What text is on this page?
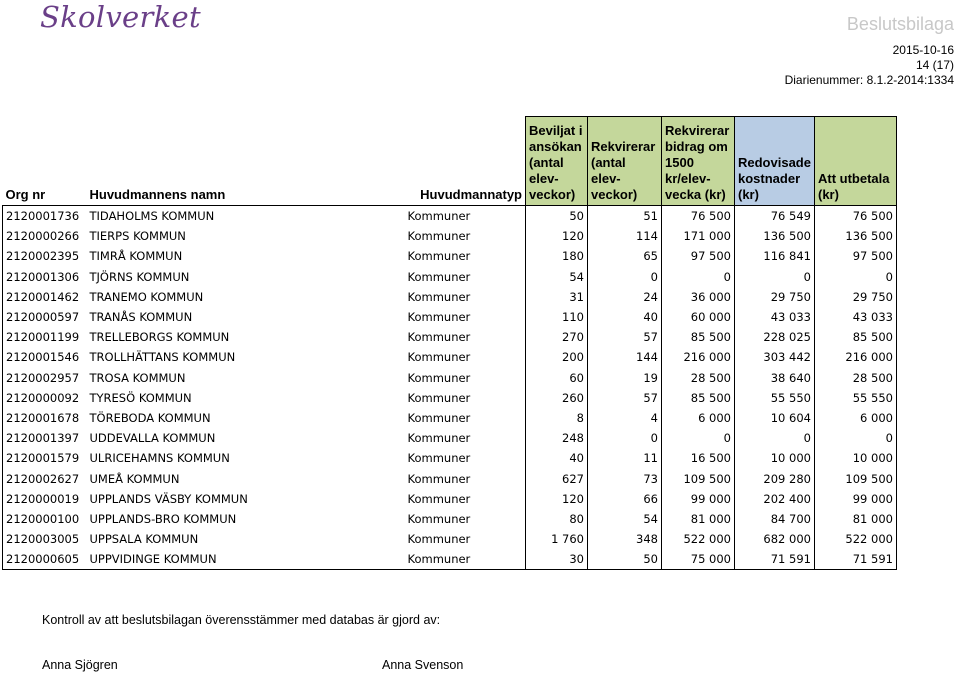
Skolverket	Beslutsbilaga
2015-10-16
14 (17)
Diarienummer: 8.1.2-2014:1334
Org nr	Huvudmannens namn	Huvudmannatyp	Beviljat i ansökan (antal elev-veckor)	Rekvirerar (antal elev-veckor)	Rekvirerar bidrag om 1500 kr/elev-vecka (kr)	Redovisade kostnader (kr)	Att utbetala (kr)
2120001736	TIDAHOLMS KOMMUN	Kommuner	50	51	76 500	76 549	76 500
2120000266	TIERPS KOMMUN	Kommuner	120	114	171 000	136 500	136 500
2120002395	TIMRÅ KOMMUN	Kommuner	180	65	97 500	116 841	97 500
2120001306	TJÖRNS KOMMUN	Kommuner	54	0	0	0	0
2120001462	TRANEMO KOMMUN	Kommuner	31	24	36 000	29 750	29 750
2120000597	TRANÅS KOMMUN	Kommuner	110	40	60 000	43 033	43 033
2120001199	TRELLEBORGS KOMMUN	Kommuner	270	57	85 500	228 025	85 500
2120001546	TROLLHÄTTANS KOMMUN	Kommuner	200	144	216 000	303 442	216 000
2120002957	TROSA KOMMUN	Kommuner	60	19	28 500	38 640	28 500
2120000092	TYRESÖ KOMMUN	Kommuner	260	57	85 500	55 550	55 550
2120001678	TÖREBODA KOMMUN	Kommuner	8	4	6 000	10 604	6 000
2120001397	UDDEVALLA KOMMUN	Kommuner	248	0	0	0	0
2120001579	ULRICEHAMNS KOMMUN	Kommuner	40	11	16 500	10 000	10 000
2120002627	UMEÅ KOMMUN	Kommuner	627	73	109 500	209 280	109 500
2120000019	UPPLANDS VÄSBY KOMMUN	Kommuner	120	66	99 000	202 400	99 000
2120000100	UPPLANDS-BRO KOMMUN	Kommuner	80	54	81 000	84 700	81 000
2120003005	UPPSALA KOMMUN	Kommuner	1 760	348	522 000	682 000	522 000
2120000605	UPPVIDINGE KOMMUN	Kommuner	30	50	75 000	71 591	71 591
Kontroll av att beslutsbilagan överensstämmer med databas är gjord av:
Anna Sjögren	Anna Svenson
